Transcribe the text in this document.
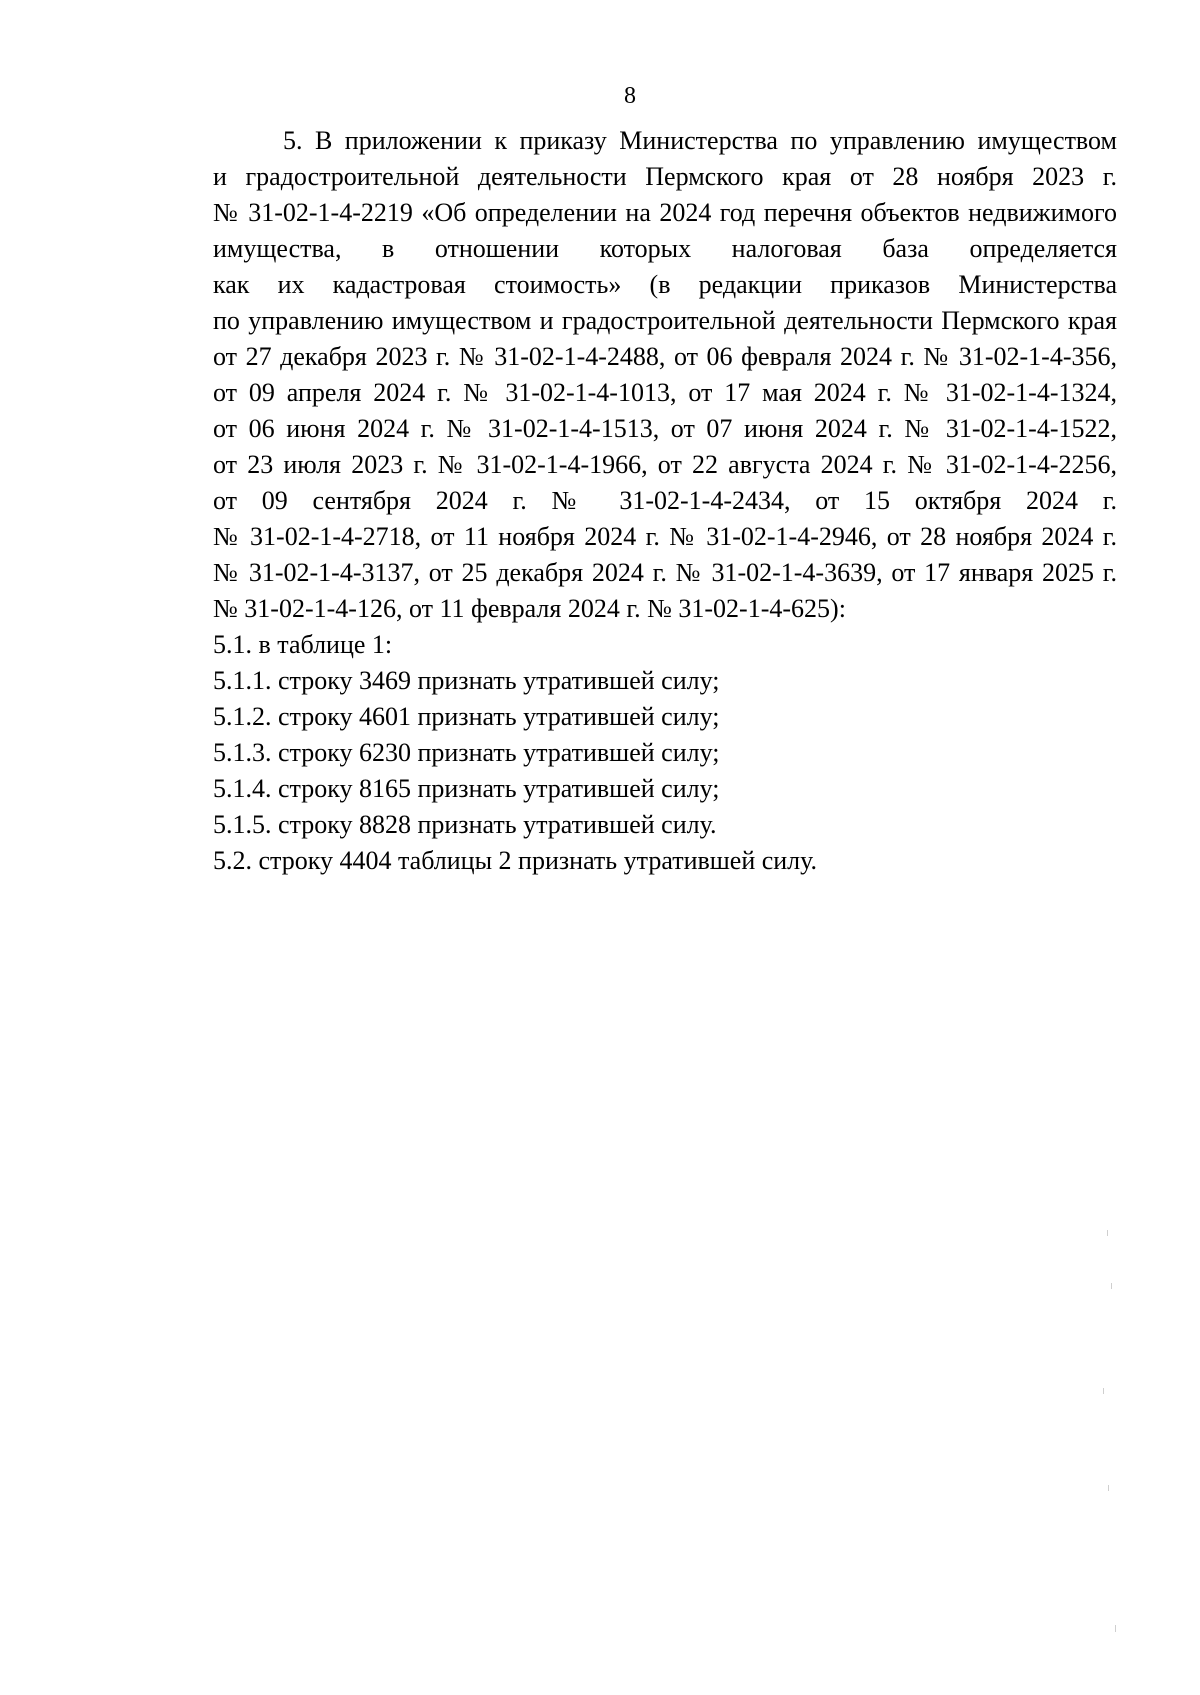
8
5. В приложении к приказу Министерства по управлению имуществом
и градостроительной деятельности Пермского края от 28 ноября 2023 г.
№ 31-02-1-4-2219 «Об определении на 2024 год перечня объектов недвижимого
имущества, в отношении которых налоговая база определяется
как их кадастровая стоимость» (в редакции приказов Министерства
по управлению имуществом и градостроительной деятельности Пермского края
от 27 декабря 2023 г. № 31-02-1-4-2488, от 06 февраля 2024 г. № 31-02-1-4-356,
от 09 апреля 2024 г. № 31-02-1-4-1013, от 17 мая 2024 г. № 31-02-1-4-1324,
от 06 июня 2024 г. № 31-02-1-4-1513, от 07 июня 2024 г. № 31-02-1-4-1522,
от 23 июля 2023 г. № 31-02-1-4-1966, от 22 августа 2024 г. № 31-02-1-4-2256,
от 09 сентября 2024 г. № 31-02-1-4-2434, от 15 октября 2024 г.
№ 31-02-1-4-2718, от 11 ноября 2024 г. № 31-02-1-4-2946, от 28 ноября 2024 г.
№ 31-02-1-4-3137, от 25 декабря 2024 г. № 31-02-1-4-3639, от 17 января 2025 г.
№ 31-02-1-4-126, от 11 февраля 2024 г. № 31-02-1-4-625):

5.1. в таблице 1:

5.1.1. строку 3469 признать утратившей силу;

5.1.2. строку 4601 признать утратившей силу;

5.1.3. строку 6230 признать утратившей силу;

5.1.4. строку 8165 признать утратившей силу;

5.1.5. строку 8828 признать утратившей силу.

5.2. строку 4404 таблицы 2 признать утратившей силу.
